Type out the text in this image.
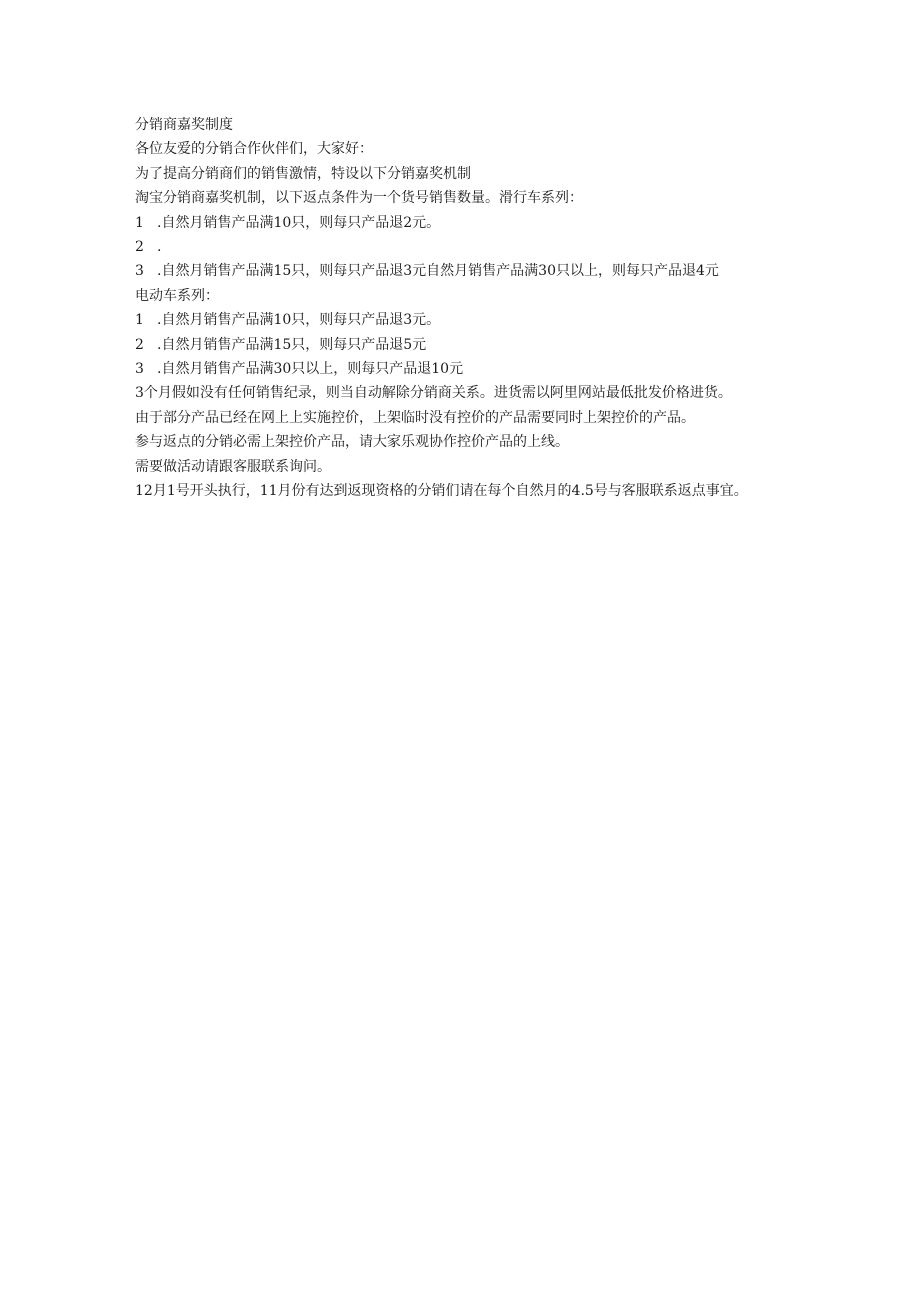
分销商嘉奖制度

各位友爱的分销合作伙伴们，大家好：

为了提高分销商们的销售激情，特设以下分销嘉奖机制

淘宝分销商嘉奖机制，以下返点条件为一个货号销售数量。滑行车系列：

1 .自然月销售产品满10只，则每只产品退2元。
2 .
3 .自然月销售产品满15只，则每只产品退3元自然月销售产品满30只以上，则每只产品退4元

电动车系列：

1 .自然月销售产品满10只，则每只产品退3元。
2 .自然月销售产品满15只，则每只产品退5元
3 .自然月销售产品满30只以上，则每只产品退10元

3个月假如没有任何销售纪录，则当自动解除分销商关系。进货需以阿里网站最低批发价格进货。

由于部分产品已经在网上上实施控价，上架临时没有控价的产品需要同时上架控价的产品。

参与返点的分销必需上架控价产品，请大家乐观协作控价产品的上线。

需要做活动请跟客服联系询问。

12月1号开头执行，11月份有达到返现资格的分销们请在每个自然月的4.5号与客服联系返点事宜。
